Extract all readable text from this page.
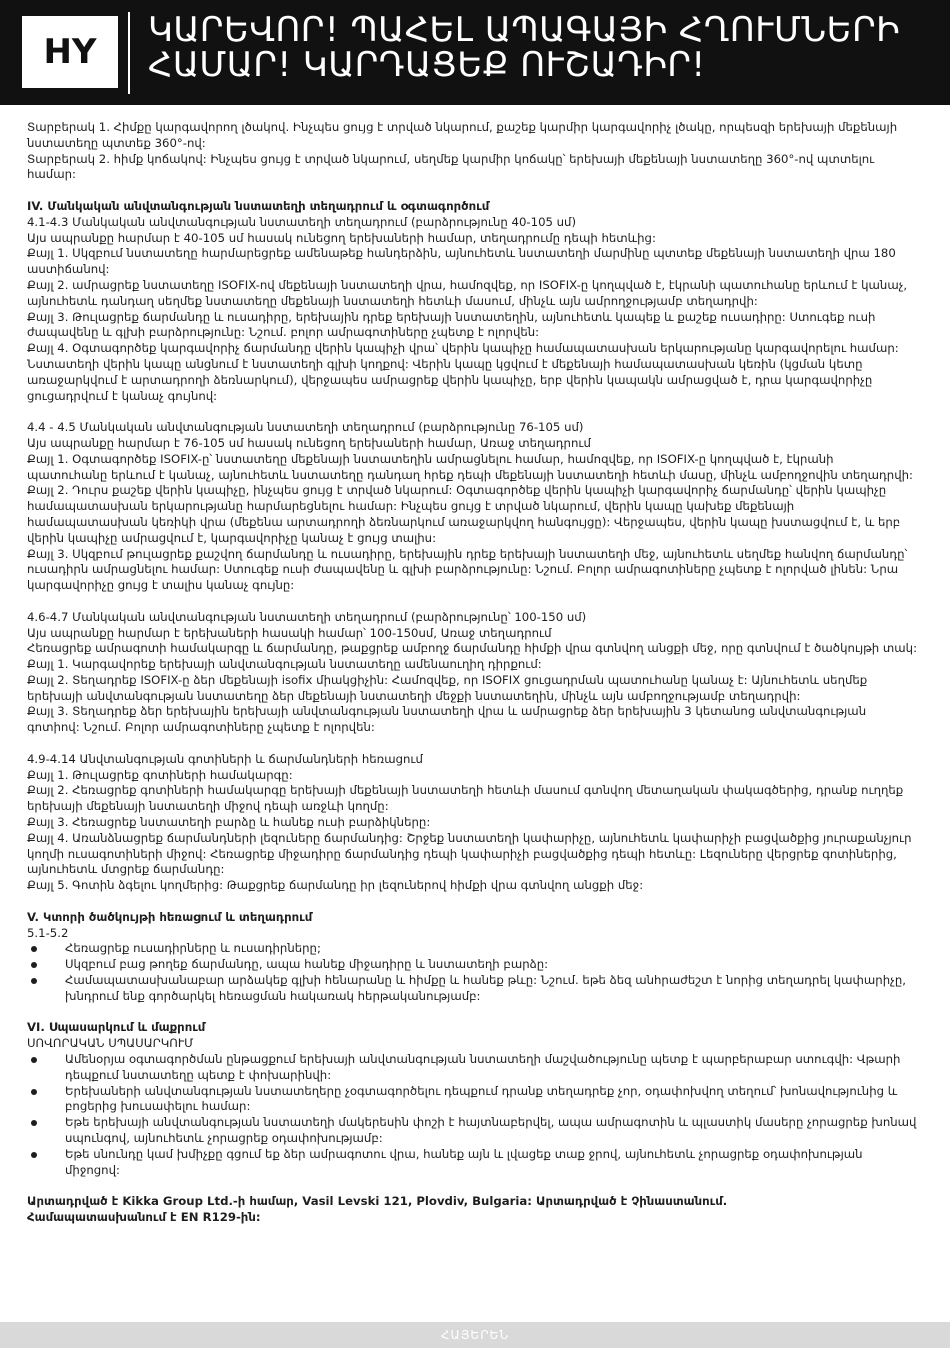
HY
ԿԱՐԵՎՈՐ! ՊԱՀԵԼ ԱՊԱԳԱՅԻ ՀՂՈՒՄՆԵՐԻ
ՀԱՄԱՐ! ԿԱՐԴԱՑԵՔ ՈՒՇԱԴԻՐ!

Տարբերակ 1. Հիմքը կարգավորող լծակով. Ինչպես ցույց է տրված նկարում, քաշեք կարմիր կարգավորիչ լծակը, որպեսզի երեխայի մեքենայի նստատեղը պտտեք 360°-ով:

Տարբերակ 2. հիմք կոճակով: Ինչպես ցույց է տրված նկարում, սեղմեք կարմիր կոճակը՝ երեխայի մեքենայի նստատեղը 360°-ով պտտելու համար:

IV. Մանկական անվտանգության նստատեղի տեղադրում և օգտագործում

4.1-4.3 Մանկական անվտանգության նստատեղի տեղադրում (բարձրությունը 40-105 սմ)

Այս ապրանքը հարմար է 40-105 սմ հասակ ունեցող երեխաների համար, տեղադրումը դեպի հետևից:

Քայլ 1. Սկզբում նստատեղը հարմարեցրեք ամենաթեք հանդերձին, այնուհետև նստատեղի մարմինը պտտեք մեքենայի նստատեղի վրա 180 աստիճանով:

Քայլ 2. ամրացրեք նստատեղը ISOFIX-ով մեքենայի նստատեղի վրա, համոզվեք, որ ISOFIX-ը կողպված է, էկրանի պատուհանը երևում է կանաչ, այնուհետև դանդաղ սեղմեք նստատեղը մեքենայի նստատեղի հետևի մասում, մինչև այն ամրողջությամբ տեղադրվի:

Քայլ 3. Թուլացրեք ճարմանդը և ուսադիրը, երեխային դրեք երեխայի նստատեղին, այնուհետև կապեք և քաշեք ուսադիրը: Ստուգեք ուսի ժապավենը և գլխի բարձրությունը: Նշում. բոլոր ամրագոտիները չպետք է ոլորվեն:

Քայլ 4. Օգտագործեք կարգավորիչ ճարմանդը վերին կապիչի վրա՝ վերին կապիչը համապատասխան երկարությանը կարգավորելու համար: Նստատեղի վերին կապը անցնում է նստատեղի գլխի կողքով: Վերին կապը կցվում է մեքենայի համապատասխան կեռին (կցման կետը առաջարկվում է արտադրողի ձեռնարկում), վերջապես ամրացրեք վերին կապիչը, երբ վերին կապակն ամրացված է, դրա կարգավորիչը ցուցադրվում է կանաչ գույնով:

4.4 - 4.5 Մանկական անվտանգության նստատեղի տեղադրում (բարձրությունը 76-105 սմ)

Այս ապրանքը հարմար է 76-105 սմ հասակ ունեցող երեխաների համար, Առաջ տեղադրում

Քայլ 1. Օգտագործեք ISOFIX-ը՝ նստատեղը մեքենայի նստատեղին ամրացնելու համար, համոզվեք, որ ISOFIX-ը կողպված է, էկրանի պատուհանը երևում է կանաչ, այնուհետև նստատեղը դանդաղ հրեք դեպի մեքենայի նստատեղի հետևի մասը, մինչև ամբողջովին տեղադրվի:

Քայլ 2. Դուրս քաշեք վերին կապիչը, ինչպես ցույց է տրված նկարում: Օգտագործեք վերին կապիչի կարգավորիչ ճարմանդը՝ վերին կապիչը համապատասխան երկարությանը հարմարեցնելու համար: Ինչպես ցույց է տրված նկարում, վերին կապը կախեք մեքենայի համապատասխան կեռիկի վրա (մեքենա արտադրողի ձեռնարկում առաջարկվող հանգույցը): Վերջապես, վերին կապը խստացվում է, և երբ վերին կապիչը ամրացվում է, կարգավորիչը կանաչ է ցույց տալիս:

Քայլ 3. Սկզբում թուլացրեք քաշվող ճարմանդը և ուսադիրը, երեխային դրեք երեխայի նստատեղի մեջ, այնուհետև սեղմեք հանվող ճարմանդը՝ ուսադիրն ամրացնելու համար: Ստուգեք ուսի ժապավենը և գլխի բարձրությունը: Նշում. Բոլոր ամրագոտիները չպետք է ոլորված լինեն: Նրա կարգավորիչը ցույց է տալիս կանաչ գույնը:

4.6-4.7 Մանկական անվտանգության նստատեղի տեղադրում (բարձրությունը՝ 100-150 սմ)

Այս ապրանքը հարմար է երեխաների հասակի համար՝ 100-150սմ, Առաջ տեղադրում

Հեռացրեք ամրագոտի համակարգը և ճարմանդը, թաքցրեք ամբողջ ճարմանդը հիմքի վրա գտնվող անցքի մեջ, որը գտնվում է ծածկույթի տակ:

Քայլ 1. Կարգավորեք երեխայի անվտանգության նստատեղը ամենաուղիղ դիրքում:

Քայլ 2. Տեղադրեք ISOFIX-ը ձեր մեքենայի isofix միակցիչին: Համոզվեք, որ ISOFIX ցուցադրման պատուհանը կանաչ է: Այնուհետև սեղմեք երեխայի անվտանգության նստատեղը ձեր մեքենայի նստատեղի մեջքի նստատեղին, մինչև այն ամբողջությամբ տեղադրվի:

Քայլ 3. Տեղադրեք ձեր երեխային երեխայի անվտանգության նստատեղի վրա և ամրացրեք ձեր երեխային 3 կետանոց անվտանգության գոտիով: Նշում. Բոլոր ամրագոտիները չպետք է ոլորվեն:

4.9-4.14 Անվտանգության գոտիների և ճարմանդների հեռացում

Քայլ 1. Թուլացրեք գոտիների համակարգը:

Քայլ 2. Հեռացրեք գոտիների համակարգը երեխայի մեքենայի նստատեղի հետևի մասում գտնվող մետաղական փակագծերից, դրանք ուղղեք երեխայի մեքենայի նստատեղի միջով դեպի առջևի կողմը:

Քայլ 3. Հեռացրեք նստատեղի բարձը և հանեք ուսի բարձիկները:

Քայլ 4. Առանձնացրեք ճարմանդների լեզուները ճարմանդից: Շրջեք նստատեղի կափարիչը, այնուհետև կափարիչի բացվածքից յուրաքանչյուր կողմի ուսագոտիների միջով: Հեռացրեք միջադիրը ճարմանդից դեպի կափարիչի բացվածքից դեպի հետևը: Լեզուները վերցրեք գոտիներից, այնուհետև մտցրեք ճարմանդը:

Քայլ 5. Գոտին ձգելու կողմերից: Թաքցրեք ճարմանդը իր լեզուներով հիմքի վրա գտնվող անցքի մեջ:

V. Կտորի ծածկույթի հեռացում և տեղադրում

5.1-5.2

Հեռացրեք ուսադիրները և ուսադիրները;
Սկզբում բաց թողեք ճարմանդը, ապա հանեք միջադիրը և նստատեղի բարձը:
Համապատասխանաբար արձակեք գլխի հենարանը և հիմքը և հանեք թևը: Նշում. եթե ձեզ անհրաժեշտ է նորից տեղադրել կափարիչը, խնդրում ենք գործարկել հեռացման հակառակ հերթականությամբ:

VI. Սպասարկում և մաքրում

ՍՈՎՈՐԱԿԱՆ ՍՊԱՍԱՐԿՈՒՄ

Ամենօրյա օգտագործման ընթացքում երեխայի անվտանգության նստատեղի մաշվածությունը պետք է պարբերաբար ստուգվի: Վթարի դեպքում նստատեղը պետք է փոխարինվի:
Երեխաների անվտանգության նստատեղերը չօգտագործելու դեպքում դրանք տեղադրեք չոր, օդափոխվող տեղում՝ խոնավությունից և բոցերից խուսափելու համար:
Եթե երեխայի անվտանգության նստատեղի մակերեսին փոշի է հայտնաբերվել, ապա ամրագոտին և պլաստիկ մասերը չորացրեք խոնավ սպունգով, այնուհետև չորացրեք օդափոխությամբ:
Եթե սնունդը կամ խմիչքը գցում եք ձեր ամրագոտու վրա, հանեք այն և լվացեք տաք ջրով, այնուհետև չորացրեք օդափոխության միջոցով:

Արտադրված է Kikka Group Ltd.-ի համար, Vasil Levski 121, Plovdiv, Bulgaria: Արտադրված է Չինաստանում.

Համապատասխանում է EN R129-ին:

ՀԱՅԵՐԵՆ
